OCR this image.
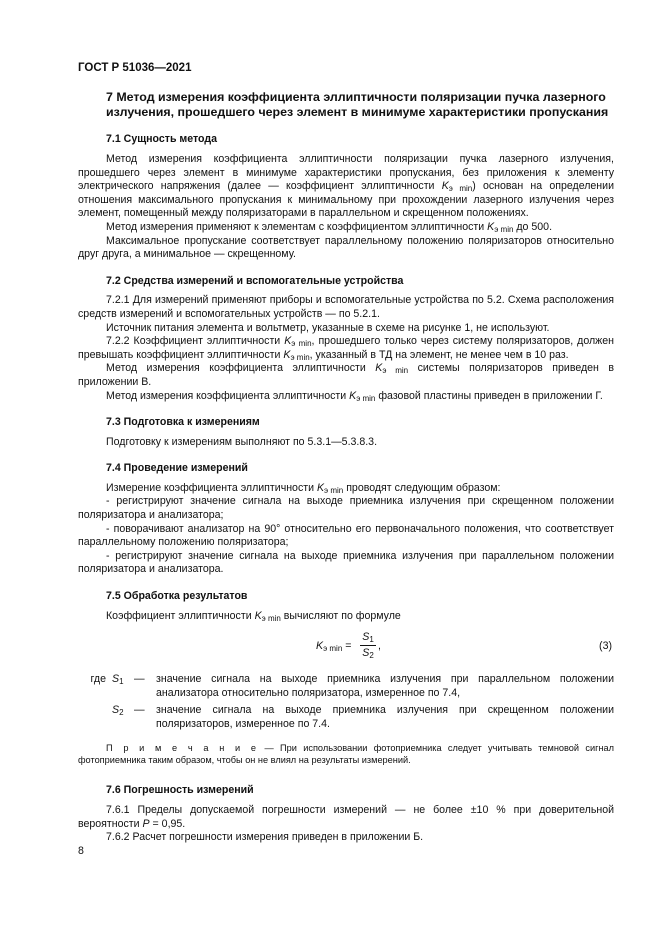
ГОСТ Р 51036—2021
7 Метод измерения коэффициента эллиптичности поляризации пучка лазерного излучения, прошедшего через элемент в минимуме характеристики пропускания
7.1 Сущность метода

Метод измерения коэффициента эллиптичности поляризации пучка лазерного излучения, прошедшего через элемент в минимуме характеристики пропускания, без приложения к элементу электрического напряжения (далее — коэффициент эллиптичности $K_{э min}$) основан на определении отношения максимального пропускания к минимальному при прохождении лазерного излучения через элемент, помещенный между поляризаторами в параллельном и скрещенном положениях.

Метод измерения применяют к элементам с коэффициентом эллиптичности $K_{э min}$ до 500.

Максимальное пропускание соответствует параллельному положению поляризаторов относительно друг друга, а минимальное — скрещенному.

7.2 Средства измерений и вспомогательные устройства

7.2.1 Для измерений применяют приборы и вспомогательные устройства по 5.2. Схема расположения средств измерений и вспомогательных устройств — по 5.2.1.

Источник питания элемента и вольтметр, указанные в схеме на рисунке 1, не используют.

7.2.2 Коэффициент эллиптичности $K_{э min}$, прошедшего только через систему поляризаторов, должен превышать коэффициент эллиптичности $K_{э min}$, указанный в ТД на элемент, не менее чем в 10 раз.

Метод измерения коэффициента эллиптичности $K_{э min}$ системы поляризаторов приведен в приложении В.

Метод измерения коэффициента эллиптичности $K_{э min}$ фазовой пластины приведен в приложении Г.

7.3 Подготовка к измерениям

Подготовку к измерениям выполняют по 5.3.1—5.3.8.3.

7.4 Проведение измерений

Измерение коэффициента эллиптичности $K_{э min}$ проводят следующим образом:

- регистрируют значение сигнала на выходе приемника излучения при скрещенном положении поляризатора и анализатора;

- поворачивают анализатор на 90° относительно его первоначального положения, что соответствует параллельному положению поляризатора;

- регистрируют значение сигнала на выходе приемника излучения при параллельном положении поляризатора и анализатора.

7.5 Обработка результатов

Коэффициент эллиптичности $K_{э min}$ вычисляют по формуле

$K_{э min} = \frac{S_1}{S_2}$ ,	(3)
где $S_1$ —	значение сигнала на выходе приемника излучения при параллельном положении анализатора относительно поляризатора, измеренное по 7.4,
$S_2$ —	значение сигнала на выходе приемника излучения при скрещенном положении поляризаторов, измеренное по 7.4.

П р и м е ч а н и е — При использовании фотоприемника следует учитывать темновой сигнал фотоприемника таким образом, чтобы он не влиял на результаты измерений.

7.6 Погрешность измерений

7.6.1 Пределы допускаемой погрешности измерений — не более ±10 % при доверительной вероятности P = 0,95.

7.6.2 Расчет погрешности измерения приведен в приложении Б.

8
